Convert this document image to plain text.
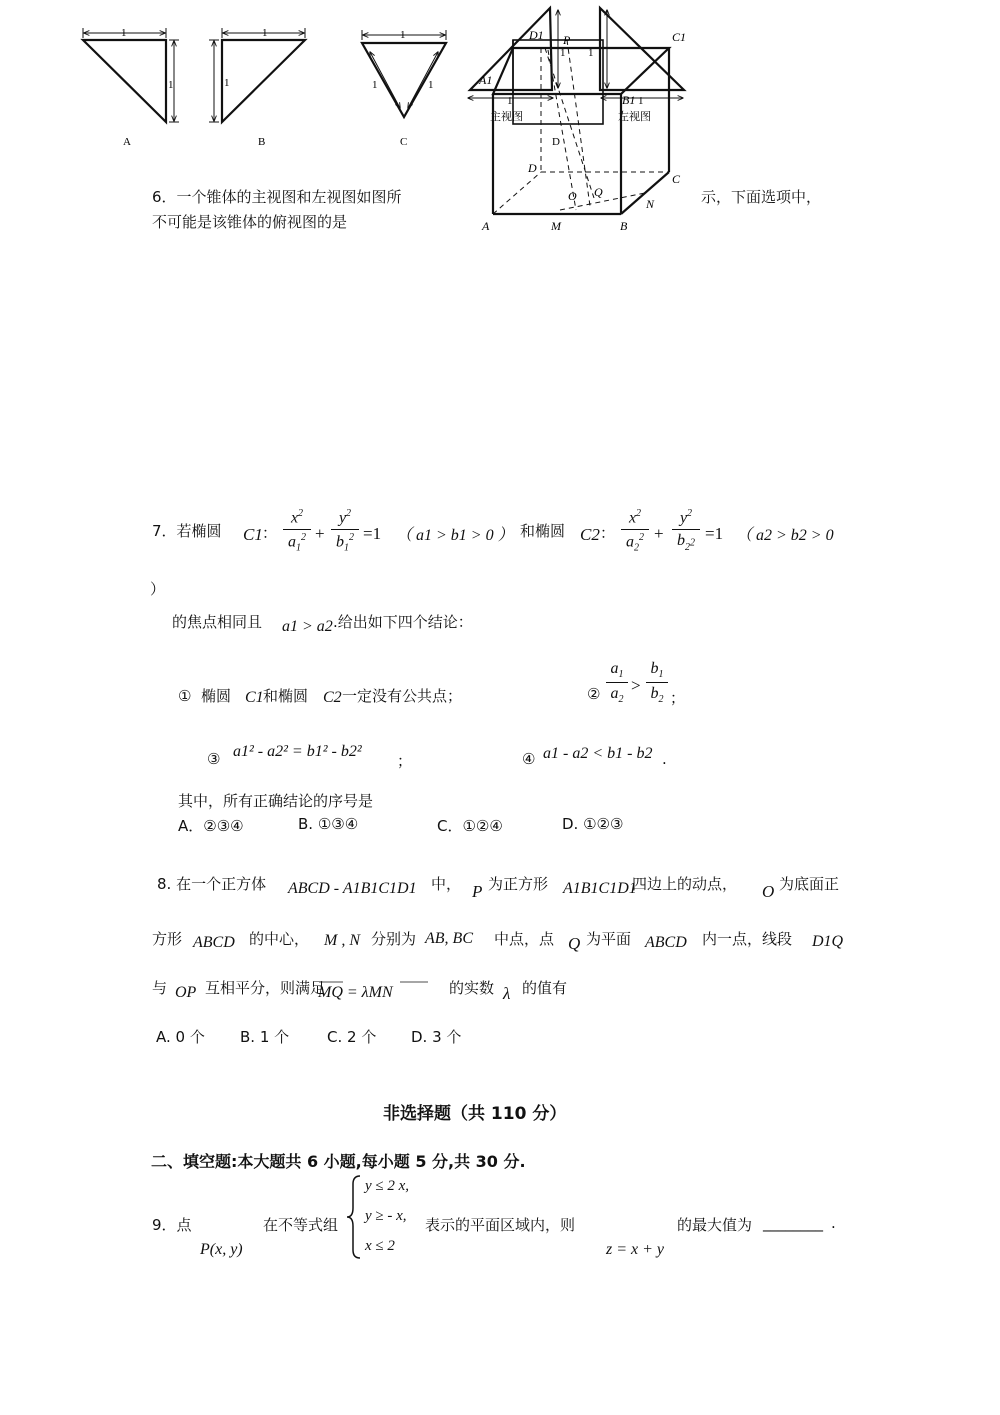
1
1
A
1
1
B
1
1	1
C
1
1 1
1
主视图	左视图
D1 P	C1
A1
B1
D
C
O Q
N
A	M	B
D
6．一个锥体的主视图和左视图如图所	示，下面选项中，
不可能是该锥体的俯视图的是
7．若椭圆 C1 ：
$x^2$
$a_1^2$ +
$y^2$
$b_1^2 =1$ （ a1 > b1 > 0 ） 和椭圆 C2 ：
$x^2$
$a_2^2$ +
$y^2$
$b_{2^2} =1$ （ a2 > b2 > 0
）
的焦点相同且 a1 > a2 .给出如下四个结论：
① 椭圆 C1 和椭圆 C2 一定没有公共点；	②
$a_1$
$a_2$
>
$b_1$
$b_2$ ；
③ a1² - a2² = b1² - b2²
；	④ a1 - a2 < b1 - b2 .
其中，所有正确结论的序号是
A．②③④	B. ①③④	C．①②④	D. ①②③
8. 在一个正方体 ABCD - A1B1C1D1 中， P 为正方形 A1B1C1D1
四边上的动点， O 为底面正
方形 ABCD 的中心， M , N 分别为 AB, BC 中点，点 Q 为平面 ABCD 内一点，线段 D1Q
与 OP 互相平分，则满足
MQ = λMN	的实数 λ 的值有
A. 0 个 B. 1 个	C. 2 个 D. 3 个
非选择题（共 110 分）
二、填空题:本大题共 6 小题,每小题 5 分,共 30 分.
9．点
P(x, y)
在不等式组
y ≤ 2 x,
y ≥ - x,
x ≤ 2
表示的平面区域内，则
z = x + y
的最大值为 ________ .
